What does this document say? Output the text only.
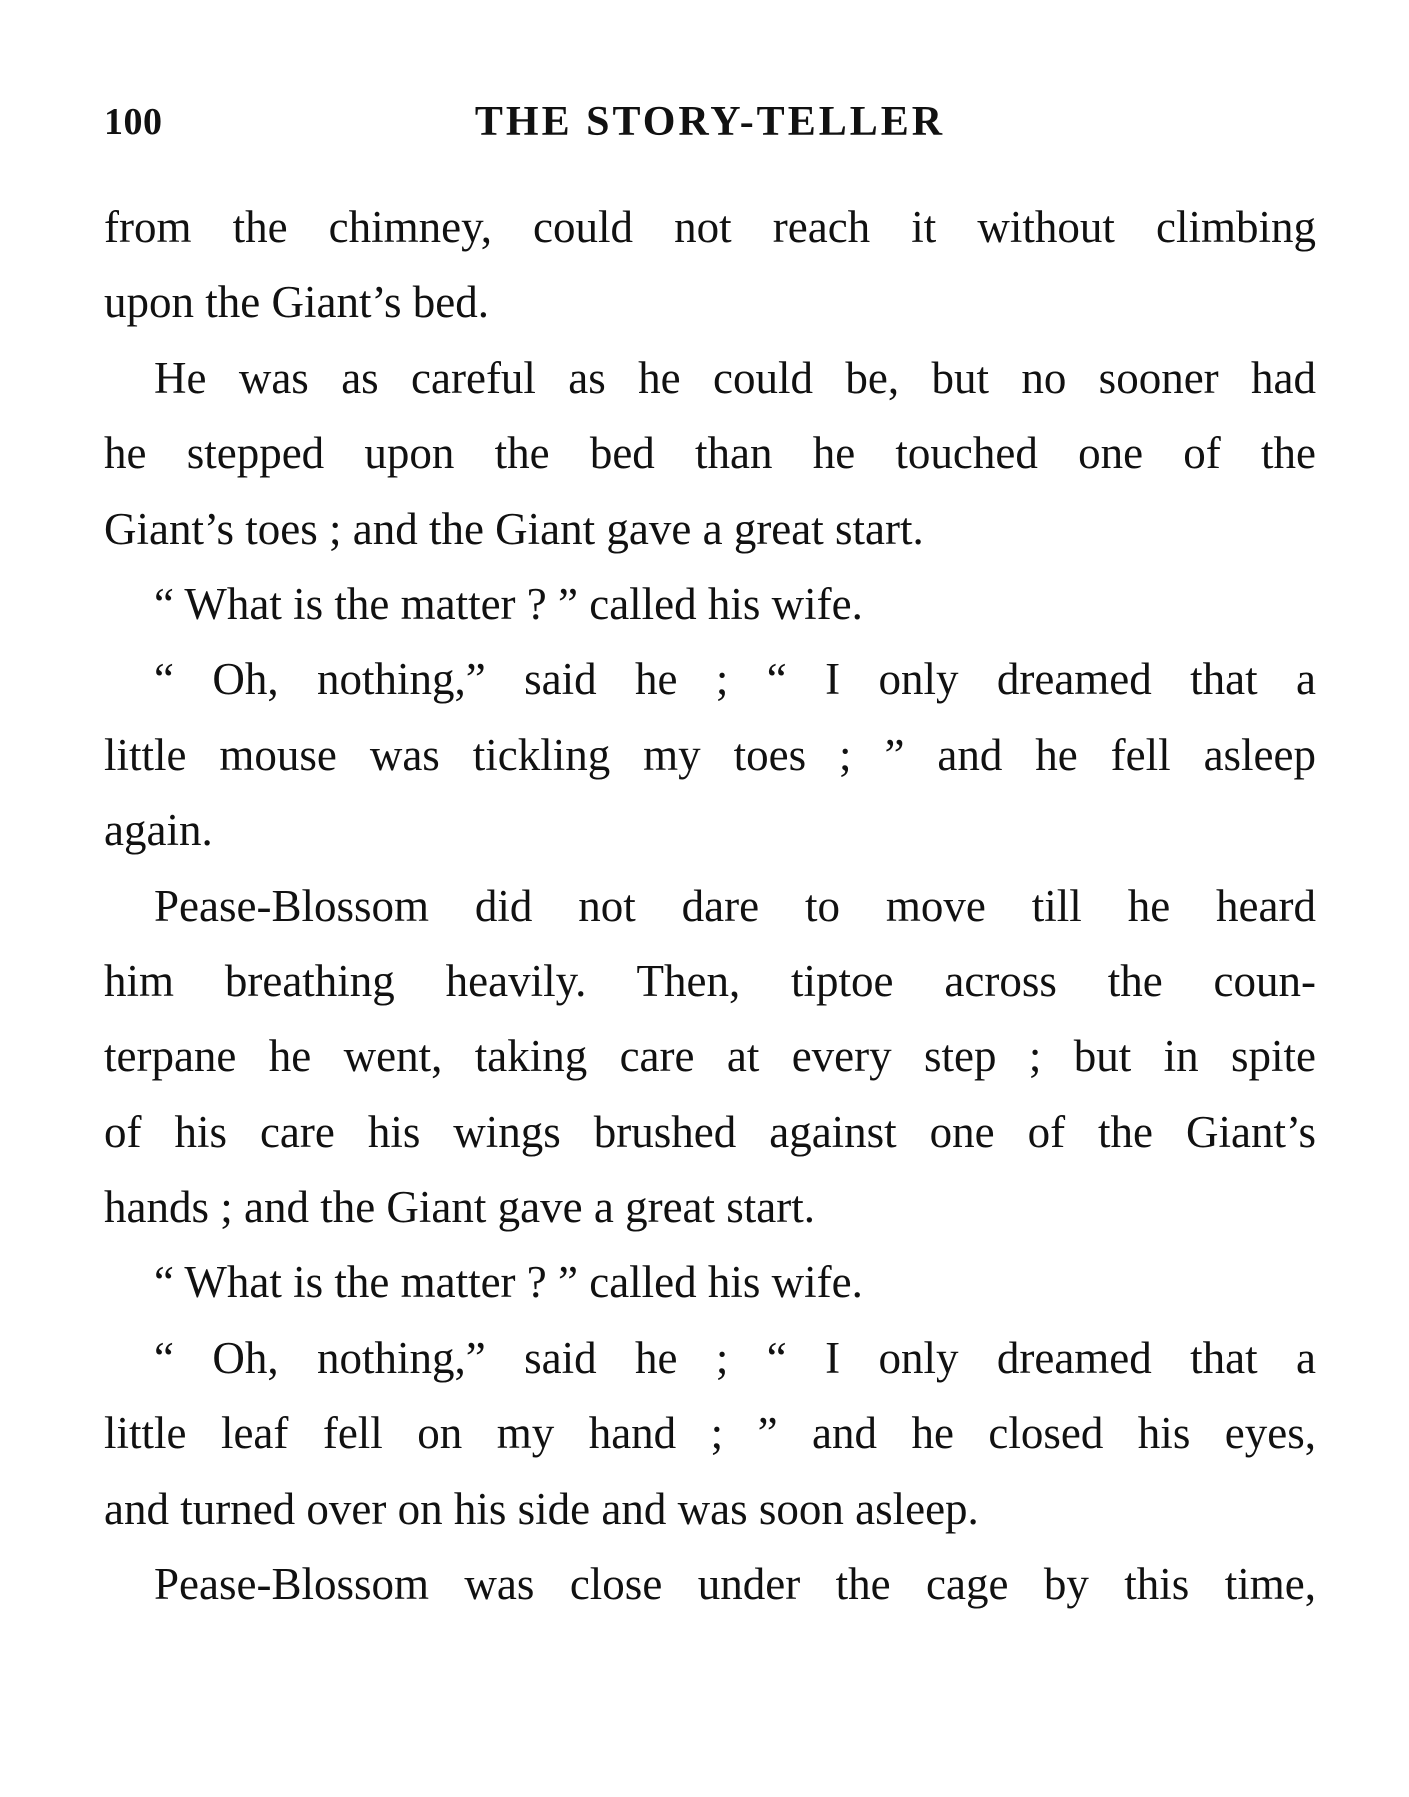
100	THE STORY-TELLER
from the chimney, could not reach it without climbing
upon the Giant’s bed.
He was as careful as he could be, but no sooner had
he stepped upon the bed than he touched one of the
Giant’s toes ; and the Giant gave a great start.
“ What is the matter ? ” called his wife.
“ Oh, nothing,” said he ; “ I only dreamed that a
little mouse was tickling my toes ; ” and he fell asleep
again.
Pease-Blossom did not dare to move till he heard
him breathing heavily. Then, tiptoe across the coun-
terpane he went, taking care at every step ; but in spite
of his care his wings brushed against one of the Giant’s
hands ; and the Giant gave a great start.
“ What is the matter ? ” called his wife.
“ Oh, nothing,” said he ; “ I only dreamed that a
little leaf fell on my hand ; ” and he closed his eyes,
and turned over on his side and was soon asleep.
Pease-Blossom was close under the cage by this time,
